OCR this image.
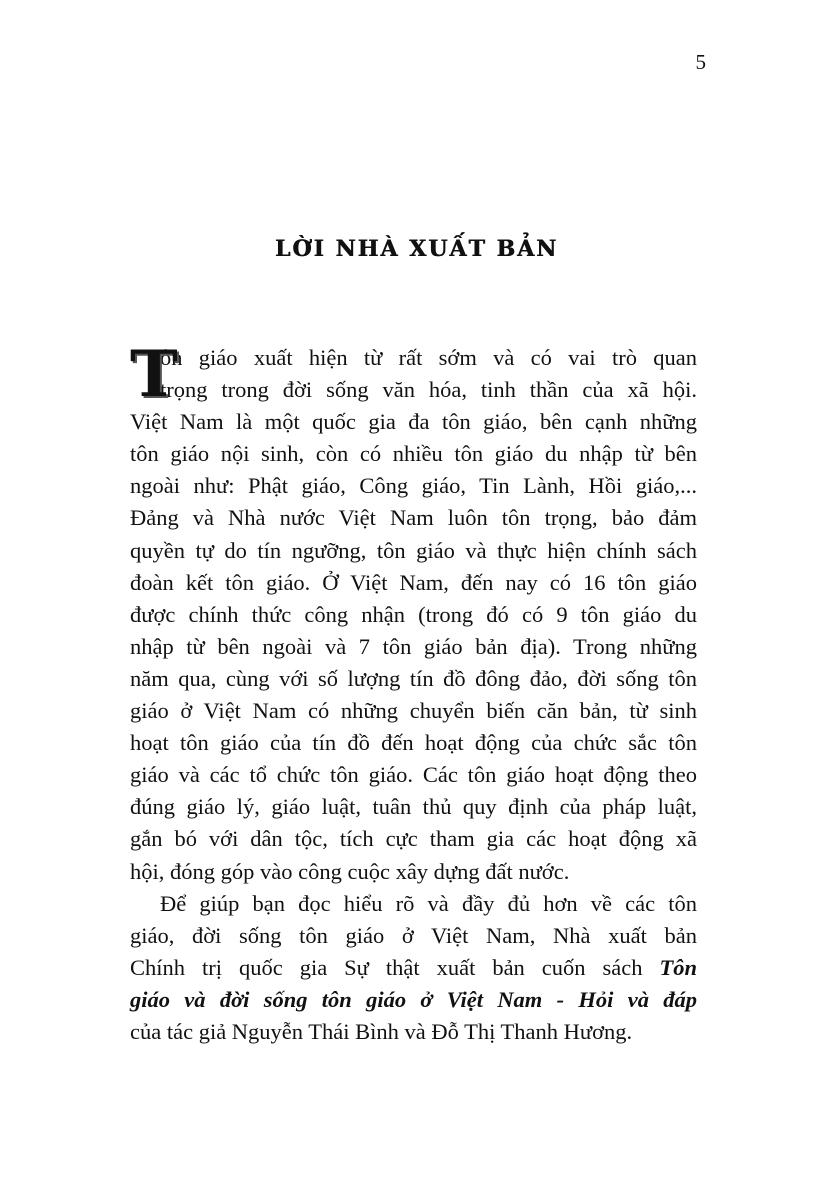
5
LỜI NHÀ XUẤT BẢN
T
ôn giáo xuất hiện từ rất sớm và có vai trò quan
trọng trong đời sống văn hóa, tinh thần của xã hội.
Việt Nam là một quốc gia đa tôn giáo, bên cạnh những
tôn giáo nội sinh, còn có nhiều tôn giáo du nhập từ bên
ngoài như: Phật giáo, Công giáo, Tin Lành, Hồi giáo,...
Đảng và Nhà nước Việt Nam luôn tôn trọng, bảo đảm
quyền tự do tín ngưỡng, tôn giáo và thực hiện chính sách
đoàn kết tôn giáo. Ở Việt Nam, đến nay có 16 tôn giáo
được chính thức công nhận (trong đó có 9 tôn giáo du
nhập từ bên ngoài và 7 tôn giáo bản địa). Trong những
năm qua, cùng với số lượng tín đồ đông đảo, đời sống tôn
giáo ở Việt Nam có những chuyển biến căn bản, từ sinh
hoạt tôn giáo của tín đồ đến hoạt động của chức sắc tôn
giáo và các tổ chức tôn giáo. Các tôn giáo hoạt động theo
đúng giáo lý, giáo luật, tuân thủ quy định của pháp luật,
gắn bó với dân tộc, tích cực tham gia các hoạt động xã
hội, đóng góp vào công cuộc xây dựng đất nước.
Để giúp bạn đọc hiểu rõ và đầy đủ hơn về các tôn
giáo, đời sống tôn giáo ở Việt Nam, Nhà xuất bản
Chính trị quốc gia Sự thật xuất bản cuốn sách Tôn
giáo và đời sống tôn giáo ở Việt Nam - Hỏi và đáp
của tác giả Nguyễn Thái Bình và Đỗ Thị Thanh Hương.
